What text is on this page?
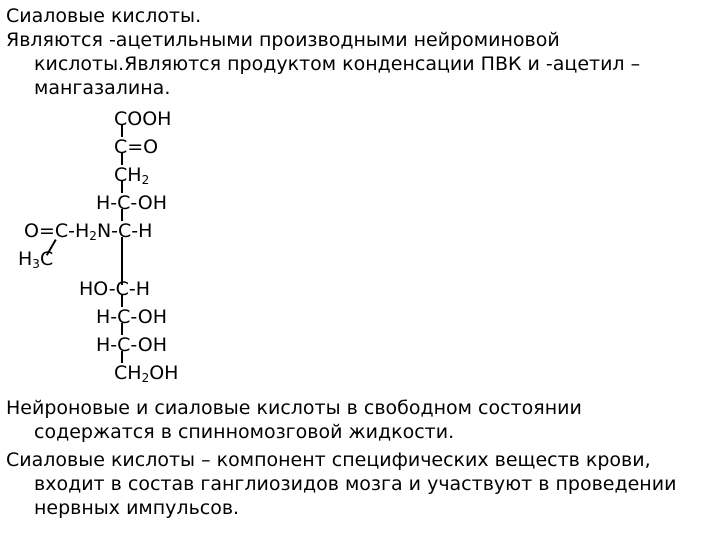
Сиаловые кислоты.
Являются -ацетильными производными нейроминовой
кислоты.Являются продуктом конденсации ПВК и -ацетил –
мангазалина.
COOH
C=O
$CH_2$
H-C-OH
$O=C-H_2N-C-H$
$H_3C$
HO-C-H
H-C-OH
H-C-OH
$CH_2OH$
Нейроновые и сиаловые кислоты в свободном состоянии
содержатся в спинномозговой жидкости.
Сиаловые кислоты – компонент специфических веществ крови,
входит в состав ганглиозидов мозга и участвуют в проведении
нервных импульсов.
